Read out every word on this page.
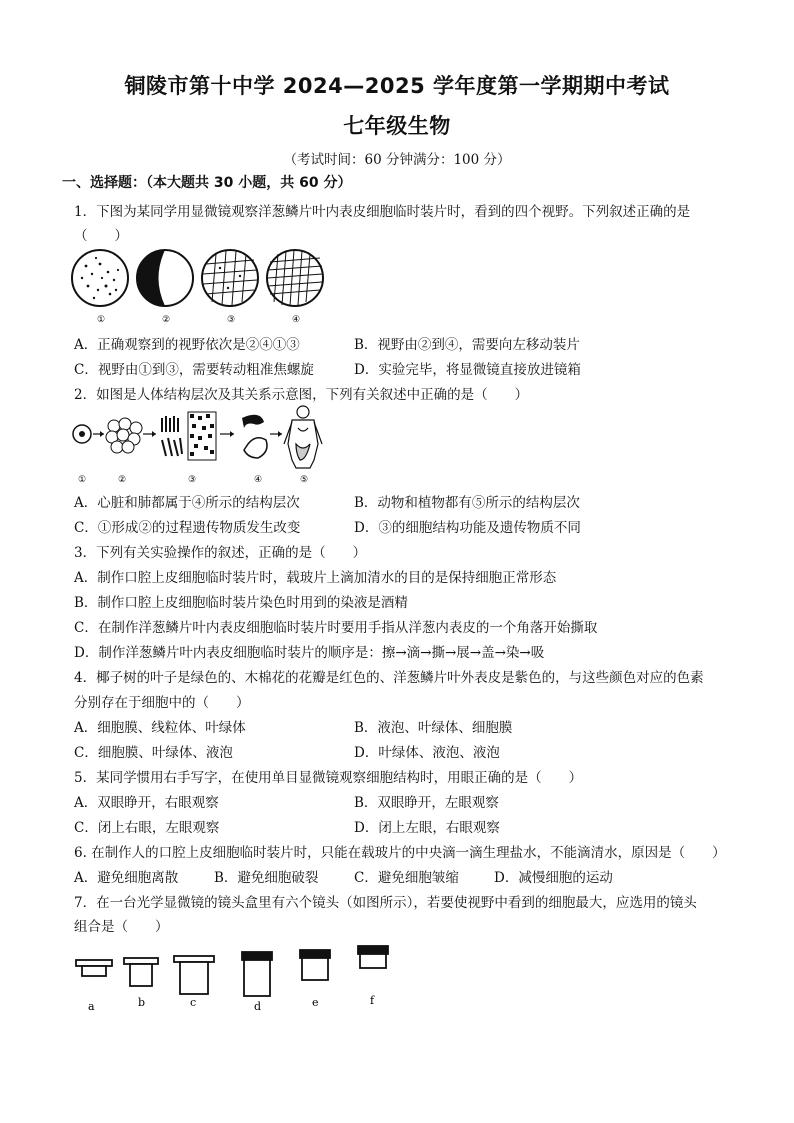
铜陵市第十中学 2024—2025 学年度第一学期期中考试
七年级生物
（考试时间：60 分钟满分：100 分）
一、选择题：（本大题共 30 小题，共 60 分）
1．下图为某同学用显微镜观察洋葱鳞片叶内表皮细胞临时装片时，看到的四个视野。下列叙述正确的是
（　　）
①	②	③	④
A．正确观察到的视野依次是②④①③	B．视野由②到④，需要向左移动装片
C．视野由①到③，需要转动粗准焦螺旋	D．实验完毕，将显微镜直接放进镜箱
2．如图是人体结构层次及其关系示意图，下列有关叙述中正确的是（　　）
①	②	③	④	⑤
A．心脏和肺都属于④所示的结构层次	B．动物和植物都有⑤所示的结构层次
C．①形成②的过程遗传物质发生改变	D．③的细胞结构功能及遗传物质不同
3．下列有关实验操作的叙述，正确的是（　　）
A．制作口腔上皮细胞临时装片时，载玻片上滴加清水的目的是保持细胞正常形态
B．制作口腔上皮细胞临时装片染色时用到的染液是酒精
C．在制作洋葱鳞片叶内表皮细胞临时装片时要用手指从洋葱内表皮的一个角落开始撕取
D．制作洋葱鳞片叶内表皮细胞临时装片的顺序是：擦→滴→撕→展→盖→染→吸
4．椰子树的叶子是绿色的、木棉花的花瓣是红色的、洋葱鳞片叶外表皮是紫色的，与这些颜色对应的色素
分别存在于细胞中的（　　）
A．细胞膜、线粒体、叶绿体	B．液泡、叶绿体、细胞膜
C．细胞膜、叶绿体、液泡	D．叶绿体、液泡、液泡
5．某同学惯用右手写字，在使用单目显微镜观察细胞结构时，用眼正确的是（　　）
A．双眼睁开，右眼观察	B．双眼睁开，左眼观察
C．闭上右眼，左眼观察	D．闭上左眼，右眼观察
6. 在制作人的口腔上皮细胞临时装片时，只能在载玻片的中央滴一滴生理盐水，不能滴清水，原因是（　　）
A．避免细胞离散	B．避免细胞破裂	C．避免细胞皱缩	D．减慢细胞的运动
7．在一台光学显微镜的镜头盒里有六个镜头（如图所示），若要使视野中看到的细胞最大，应选用的镜头
组合是（　　）
a	b	c	d	e	f
